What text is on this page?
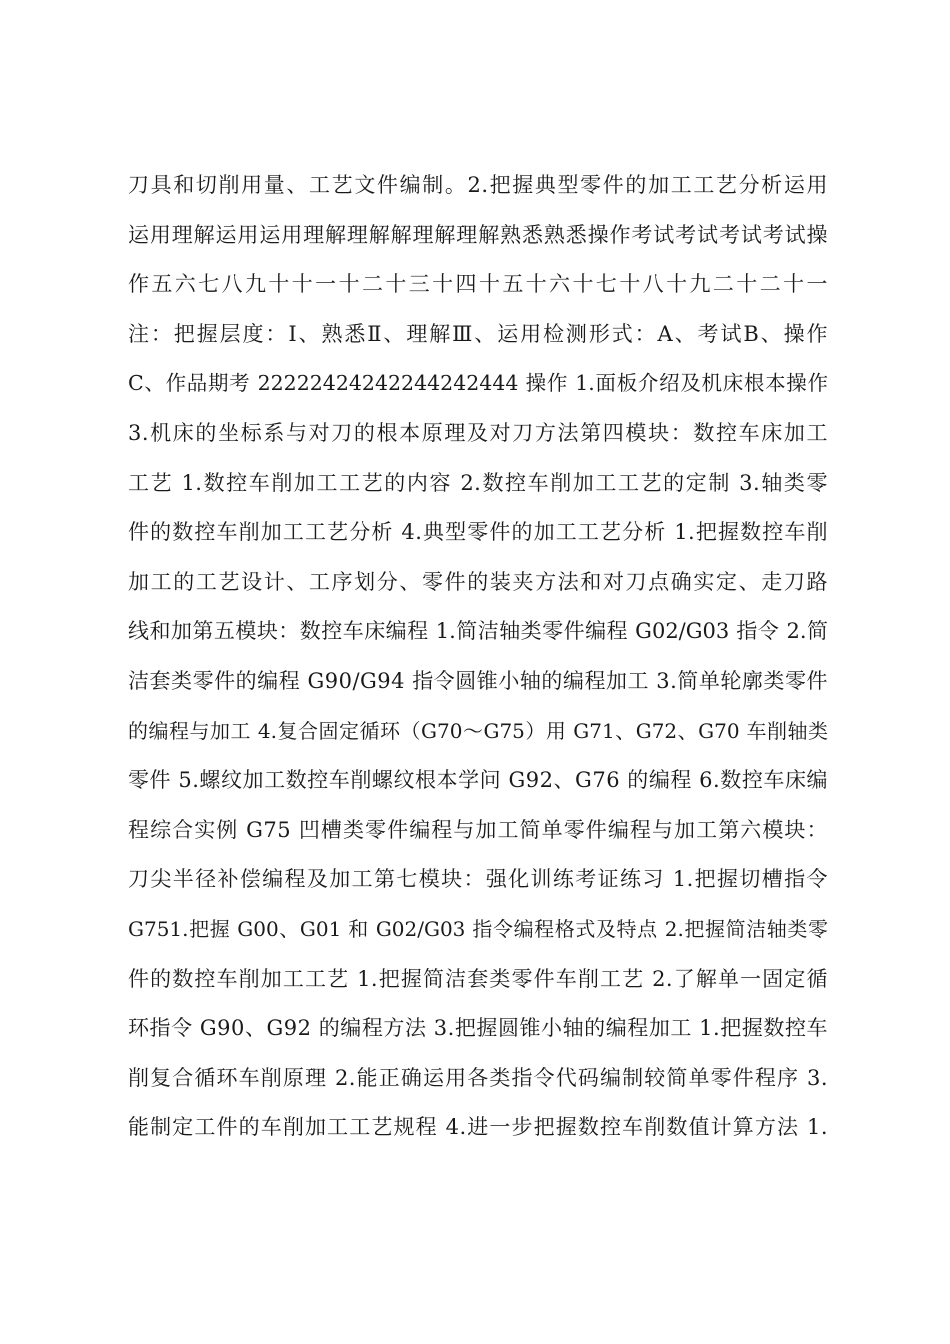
刀具和切削用量、工艺文件编制。2.把握典型零件的加工工艺分析运用
运用理解运用运用理解理解解理解理解熟悉熟悉操作考试考试考试考试操
作五六七八九十十一十二十三十四十五十六十七十八十九二十二十一
注：把握层度：Ⅰ、熟悉Ⅱ、理解Ⅲ、运用检测形式：A、考试B、操作
C、作品期考 22222424242244242444 操作 1.面板介绍及机床根本操作
3.机床的坐标系与对刀的根本原理及对刀方法第四模块：数控车床加工
工艺 1.数控车削加工工艺的内容 2.数控车削加工工艺的定制 3.轴类零
件的数控车削加工工艺分析 4.典型零件的加工工艺分析 1.把握数控车削
加工的工艺设计、工序划分、零件的装夹方法和对刀点确实定、走刀路
线和加第五模块：数控车床编程 1.简洁轴类零件编程 G02/G03 指令 2.简
洁套类零件的编程 G90/G94 指令圆锥小轴的编程加工 3.简单轮廓类零件
的编程与加工 4.复合固定循环（G70～G75）用 G71、G72、G70 车削轴类
零件 5.螺纹加工数控车削螺纹根本学问 G92、G76 的编程 6.数控车床编
程综合实例 G75 凹槽类零件编程与加工简单零件编程与加工第六模块：
刀尖半径补偿编程及加工第七模块：强化训练考证练习 1.把握切槽指令
G751.把握 G00、G01 和 G02/G03 指令编程格式及特点 2.把握简洁轴类零
件的数控车削加工工艺 1.把握简洁套类零件车削工艺 2.了解单一固定循
环指令 G90、G92 的编程方法 3.把握圆锥小轴的编程加工 1.把握数控车
削复合循环车削原理 2.能正确运用各类指令代码编制较简单零件程序 3.
能制定工件的车削加工工艺规程 4.进一步把握数控车削数值计算方法 1.
